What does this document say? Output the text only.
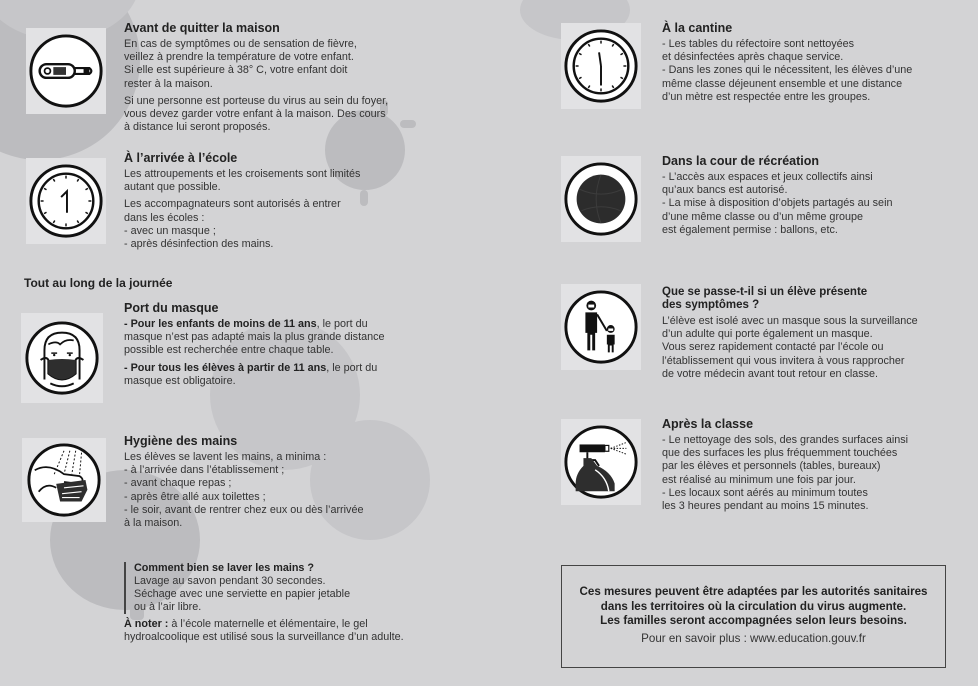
Avant de quitter la maison

En cas de symptômes ou de sensation de fièvre,
veillez à prendre la température de votre enfant.
Si elle est supérieure à 38° C, votre enfant doit
rester à la maison.

Si une personne est porteuse du virus au sein du foyer,
vous devez garder votre enfant à la maison. Des cours
à distance lui seront proposés.

À l’arrivée à l’école

Les attroupements et les croisements sont limités
autant que possible.

Les accompagnateurs sont autorisés à entrer
dans les écoles :
- avec un masque ;
- après désinfection des mains.

Tout au long de la journée
Port du masque

- Pour les enfants de moins de 11 ans, le port du
masque n’est pas adapté mais la plus grande distance
possible est recherchée entre chaque table.

- Pour tous les élèves à partir de 11 ans, le port du
masque est obligatoire.

Hygiène des mains

Les élèves se lavent les mains, a minima :
- à l’arrivée dans l’établissement ;
- avant chaque repas ;
- après être allé aux toilettes ;
- le soir, avant de rentrer chez eux ou dès l’arrivée
à la maison.

Comment bien se laver les mains ?
Lavage au savon pendant 30 secondes.
Séchage avec une serviette en papier jetable
ou à l’air libre.
À noter : à l’école maternelle et élémentaire, le gel
hydroalcoolique est utilisé sous la surveillance d’un adulte.
À la cantine

- Les tables du réfectoire sont nettoyées
et désinfectées après chaque service.
- Dans les zones qui le nécessitent, les élèves d’une
même classe déjeunent ensemble et une distance
d’un mètre est respectée entre les groupes.

Dans la cour de récréation

- L’accès aux espaces et jeux collectifs ainsi
qu’aux bancs est autorisé.
- La mise à disposition d’objets partagés au sein
d’une même classe ou d’un même groupe
est également permise : ballons, etc.

Que se passe-t-il si un élève présente
des symptômes ?

L’élève est isolé avec un masque sous la surveillance
d’un adulte qui porte également un masque.
Vous serez rapidement contacté par l’école ou
l’établissement qui vous invitera à vous rapprocher
de votre médecin avant tout retour en classe.

Après la classe

- Le nettoyage des sols, des grandes surfaces ainsi
que des surfaces les plus fréquemment touchées
par les élèves et personnels (tables, bureaux)
est réalisé au minimum une fois par jour.
- Les locaux sont aérés au minimum toutes
les 3 heures pendant au moins 15 minutes.

Ces mesures peuvent être adaptées par les autorités sanitaires
dans les territoires où la circulation du virus augmente.
Les familles seront accompagnées selon leurs besoins.
Pour en savoir plus : www.education.gouv.fr
